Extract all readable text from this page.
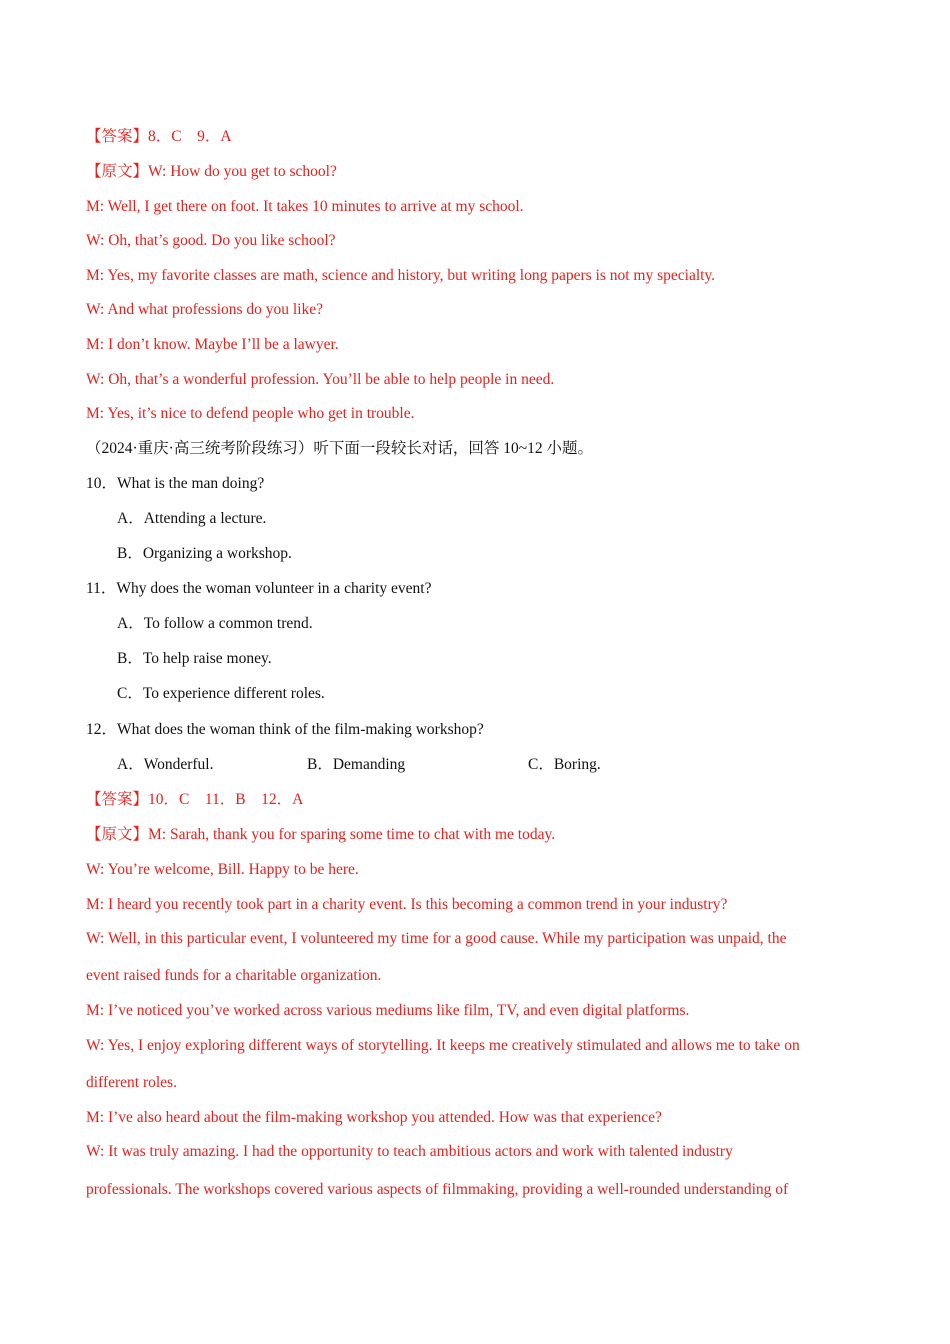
【答案】8．C　9．A
【原文】W: How do you get to school?
M: Well, I get there on foot. It takes 10 minutes to arrive at my school.
W: Oh, that’s good. Do you like school?
M: Yes, my favorite classes are math, science and history, but writing long papers is not my specialty.
W: And what professions do you like?
M: I don’t know. Maybe I’ll be a lawyer.
W: Oh, that’s a wonderful profession. You’ll be able to help people in need.
M: Yes, it’s nice to defend people who get in trouble.
（2024·重庆·高三统考阶段练习）听下面一段较长对话，回答 10~12 小题。
10．What is the man doing?
A．Attending a lecture.
B．Organizing a workshop.
11．Why does the woman volunteer in a charity event?
A．To follow a common trend.
B．To help raise money.
C．To experience different roles.
12．What does the woman think of the film-making workshop?
A．Wonderful.	B．Demanding	C．Boring.
【答案】10．C　11．B　12．A
【原文】M: Sarah, thank you for sparing some time to chat with me today.
W: You’re welcome, Bill. Happy to be here.
M: I heard you recently took part in a charity event. Is this becoming a common trend in your industry?
W: Well, in this particular event, I volunteered my time for a good cause. While my participation was unpaid, the
event raised funds for a charitable organization.
M: I’ve noticed you’ve worked across various mediums like film, TV, and even digital platforms.
W: Yes, I enjoy exploring different ways of storytelling. It keeps me creatively stimulated and allows me to take on
different roles.
M: I’ve also heard about the film-making workshop you attended. How was that experience?
W: It was truly amazing. I had the opportunity to teach ambitious actors and work with talented industry
professionals. The workshops covered various aspects of filmmaking, providing a well-rounded understanding of
